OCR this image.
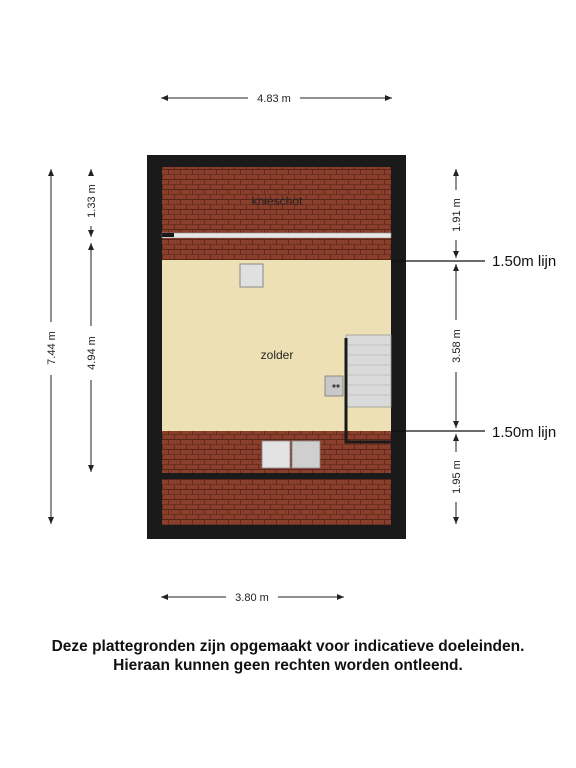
knieschot
zolder
4.83 m
3.80 m
7.44 m
1.33 m
4.94 m
1.91 m
3.58 m
1.95 m
1.50m lijn
1.50m lijn
Deze plattegronden zijn opgemaakt voor indicatieve doeleinden.
Hieraan kunnen geen rechten worden ontleend.
